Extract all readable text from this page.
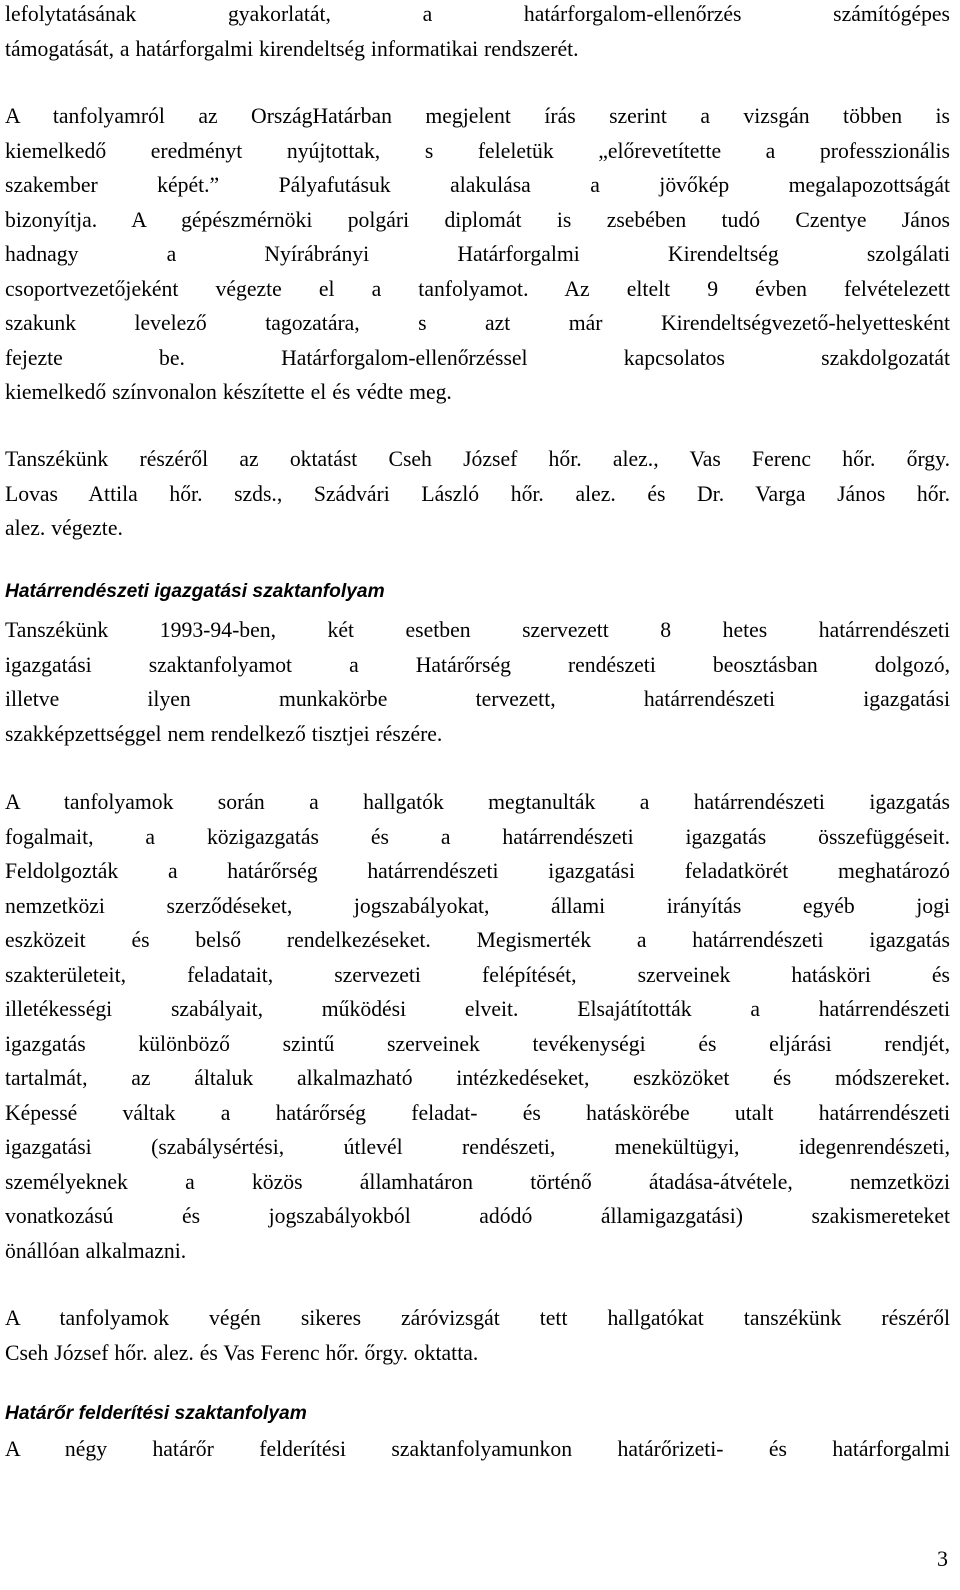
lefolytatásának gyakorlatát, a határforgalom-ellenőrzés számítógépes
támogatását, a határforgalmi kirendeltség informatikai rendszerét.
A tanfolyamról az OrszágHatárban megjelent írás szerint a vizsgán többen is
kiemelkedő eredményt nyújtottak, s feleletük „előrevetítette a professzionális
szakember képét.” Pályafutásuk alakulása a jövőkép megalapozottságát
bizonyítja. A gépészmérnöki polgári diplomát is zsebében tudó Czentye János
hadnagy a Nyírábrányi Határforgalmi Kirendeltség szolgálati
csoportvezetőjeként végezte el a tanfolyamot. Az eltelt 9 évben felvételezett
szakunk levelező tagozatára, s azt már Kirendeltségvezető-helyettesként
fejezte be. Határforgalom-ellenőrzéssel kapcsolatos szakdolgozatát
kiemelkedő színvonalon készítette el és védte meg.
Tanszékünk részéről az oktatást Cseh József hőr. alez., Vas Ferenc hőr. őrgy.
Lovas Attila hőr. szds., Szádvári László hőr. alez. és Dr. Varga János hőr.
alez. végezte.
Határrendészeti igazgatási szaktanfolyam
Tanszékünk 1993-94-ben, két esetben szervezett 8 hetes határrendészeti
igazgatási szaktanfolyamot a Határőrség rendészeti beosztásban dolgozó,
illetve ilyen munkakörbe tervezett, határrendészeti igazgatási
szakképzettséggel nem rendelkező tisztjei részére.
A tanfolyamok során a hallgatók megtanulták a határrendészeti igazgatás
fogalmait, a közigazgatás és a határrendészeti igazgatás összefüggéseit.
Feldolgozták a határőrség határrendészeti igazgatási feladatkörét meghatározó
nemzetközi szerződéseket, jogszabályokat, állami irányítás egyéb jogi
eszközeit és belső rendelkezéseket. Megismerték a határrendészeti igazgatás
szakterületeit, feladatait, szervezeti felépítését, szerveinek hatásköri és
illetékességi szabályait, működési elveit. Elsajátították a határrendészeti
igazgatás különböző szintű szerveinek tevékenységi és eljárási rendjét,
tartalmát, az általuk alkalmazható intézkedéseket, eszközöket és módszereket.
Képessé váltak a határőrség feladat- és hatáskörébe utalt határrendészeti
igazgatási (szabálysértési, útlevél rendészeti, menekültügyi, idegenrendészeti,
személyeknek a közös államhatáron történő átadása-átvétele, nemzetközi
vonatkozású és jogszabályokból adódó államigazgatási) szakismereteket
önállóan alkalmazni.
A tanfolyamok végén sikeres záróvizsgát tett hallgatókat tanszékünk részéről
Cseh József hőr. alez. és Vas Ferenc hőr. őrgy. oktatta.
Határőr felderítési szaktanfolyam
A négy határőr felderítési szaktanfolyamunkon határőrizeti- és határforgalmi
3
